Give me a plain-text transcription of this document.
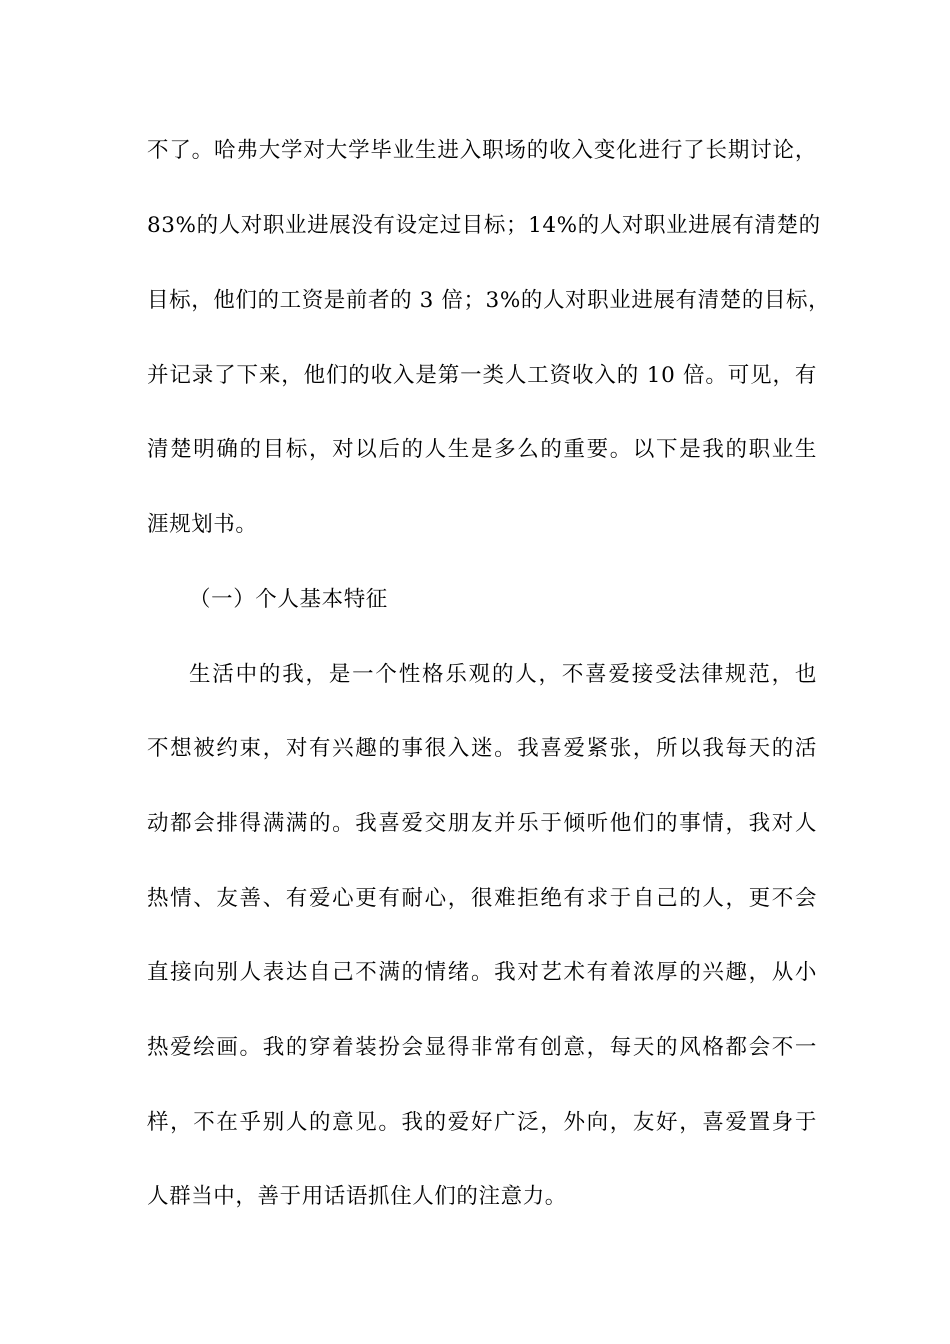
不了。哈弗大学对大学毕业生进入职场的收入变化进行了长期讨论，
83%的人对职业进展没有设定过目标；14%的人对职业进展有清楚的
目标，他们的工资是前者的 3 倍；3%的人对职业进展有清楚的目标，
并记录了下来，他们的收入是第一类人工资收入的 10 倍。可见，有
清楚明确的目标，对以后的人生是多么的重要。以下是我的职业生
涯规划书。
（一）个人基本特征
生活中的我，是一个性格乐观的人，不喜爱接受法律规范，也
不想被约束，对有兴趣的事很入迷。我喜爱紧张，所以我每天的活
动都会排得满满的。我喜爱交朋友并乐于倾听他们的事情，我对人
热情、友善、有爱心更有耐心，很难拒绝有求于自己的人，更不会
直接向别人表达自己不满的情绪。我对艺术有着浓厚的兴趣，从小
热爱绘画。我的穿着装扮会显得非常有创意，每天的风格都会不一
样，不在乎别人的意见。我的爱好广泛，外向，友好，喜爱置身于
人群当中，善于用话语抓住人们的注意力。
